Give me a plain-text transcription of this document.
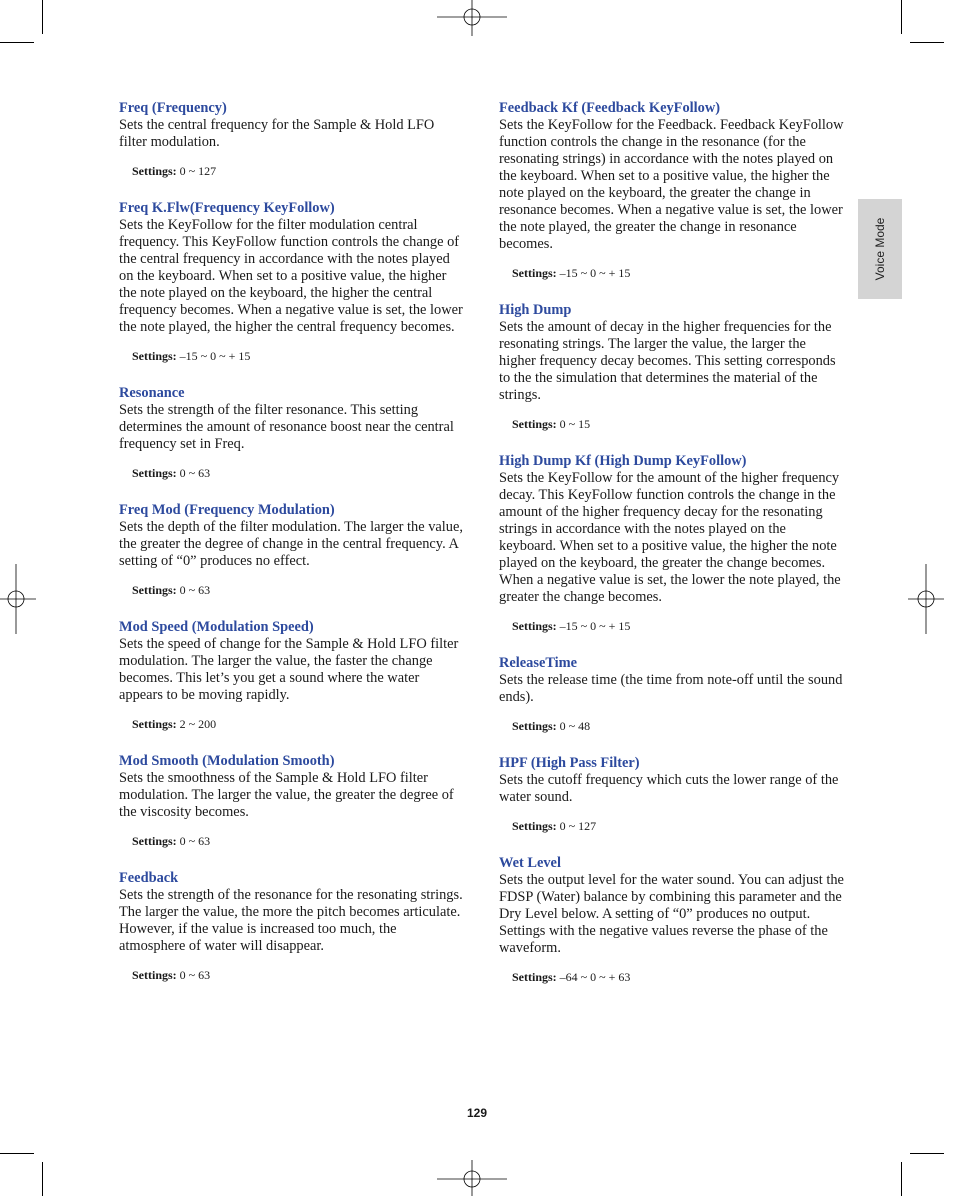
Voice Mode

Freq (Frequency)

Sets the central frequency for the Sample & Hold LFO filter modulation.

Settings: 0 ~ 127

Freq K.Flw(Frequency KeyFollow)

Sets the KeyFollow for the filter modulation central frequency. This KeyFollow function controls the change of the central frequency in accordance with the notes played on the keyboard. When set to a positive value, the higher the note played on the keyboard, the higher the central frequency becomes. When a negative value is set, the lower the note played, the higher the central frequency becomes.

Settings: –15 ~ 0 ~ + 15

Resonance

Sets the strength of the filter resonance. This setting determines the amount of resonance boost near the central frequency set in Freq.

Settings: 0 ~ 63

Freq Mod (Frequency Modulation)

Sets the depth of the filter modulation. The larger the value, the greater the degree of change in the central frequency. A setting of “0” produces no effect.

Settings: 0 ~ 63

Mod Speed (Modulation Speed)

Sets the speed of change for the Sample & Hold LFO filter modulation. The larger the value, the faster the change becomes. This let’s you get a sound where the water appears to be moving rapidly.

Settings: 2 ~ 200

Mod Smooth (Modulation Smooth)

Sets the smoothness of the Sample & Hold LFO filter modulation. The larger the value, the greater the degree of the viscosity becomes.

Settings: 0 ~ 63

Feedback

Sets the strength of the resonance for the resonating strings. The larger the value, the more the pitch becomes articulate. However, if the value is increased too much, the atmosphere of water will disappear.

Settings: 0 ~ 63

Feedback Kf (Feedback KeyFollow)

Sets the KeyFollow for the Feedback. Feedback KeyFollow function controls the change in the resonance (for the resonating strings) in accordance with the notes played on the keyboard. When set to a positive value, the higher the note played on the keyboard, the greater the change in resonance becomes. When a negative value is set, the lower the note played, the greater the change in resonance becomes.

Settings: –15 ~ 0 ~ + 15

High Dump

Sets the amount of decay in the higher frequencies for the resonating strings. The larger the value, the larger the higher frequency decay becomes. This setting corresponds to the the simulation that determines the material of the strings.

Settings: 0 ~ 15

High Dump Kf (High Dump KeyFollow)

Sets the KeyFollow for the amount of the higher frequency decay. This KeyFollow function controls the change in the amount of the higher frequency decay for the resonating strings in accordance with the notes played on the keyboard. When set to a positive value, the higher the note played on the keyboard, the greater the change becomes. When a negative value is set, the lower the note played, the greater the change becomes.

Settings: –15 ~ 0 ~ + 15

ReleaseTime

Sets the release time (the time from note-off until the sound ends).

Settings: 0 ~ 48

HPF (High Pass Filter)

Sets the cutoff frequency which cuts the lower range of the water sound.

Settings: 0 ~ 127

Wet Level

Sets the output level for the water sound. You can adjust the FDSP (Water) balance by combining this parameter and the Dry Level below. A setting of “0” produces no output. Settings with the negative values reverse the phase of the waveform.

Settings: –64 ~ 0 ~ + 63

129
